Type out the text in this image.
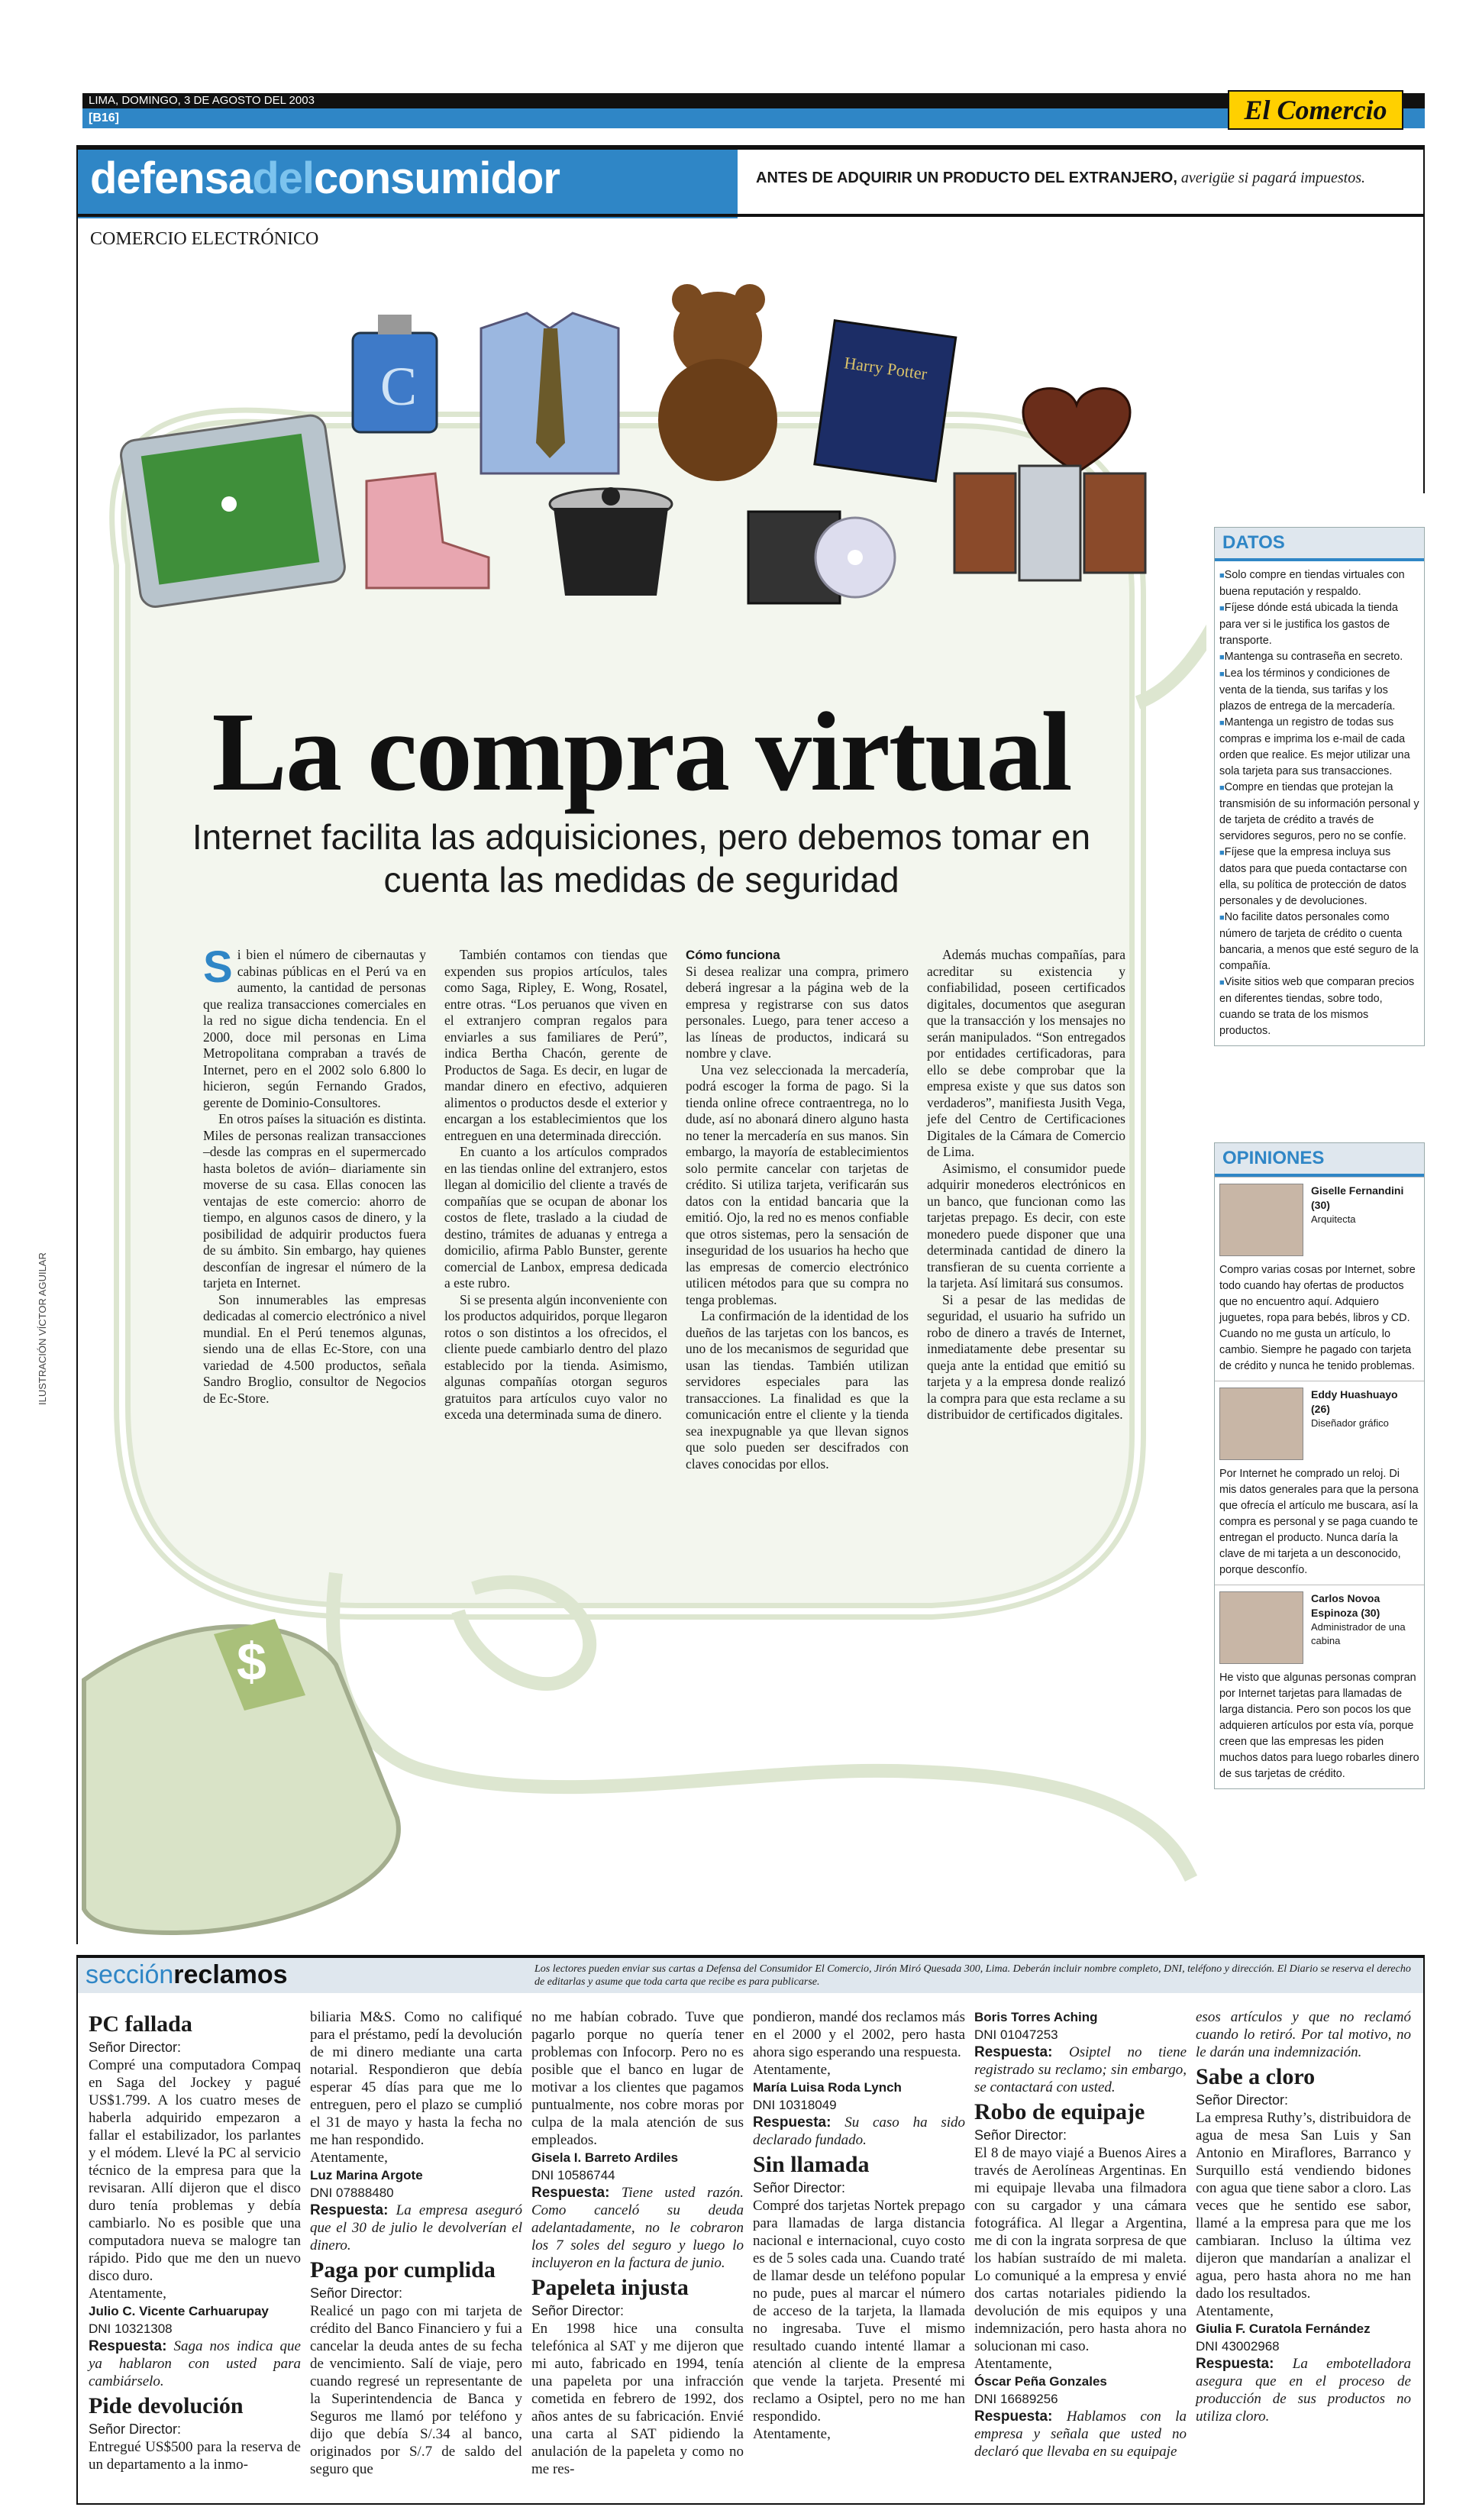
LIMA, DOMINGO, 3 DE AGOSTO DEL 2003
[B16]	El Comercio
defensadelconsumidor	ANTES DE ADQUIRIR UN PRODUCTO DEL EXTRANJERO, averigüe si pagará impuestos.
COMERCIO ELECTRÓNICO
C	Harry Potter
$
La compra virtual
Internet facilita las adquisiciones, pero debemos tomar en cuenta las medidas de seguridad
ILUSTRACIÓN VÍCTOR AGUILAR
S i bien el número de cibernautas y cabinas públicas en el Perú va en aumento, la cantidad de personas que realiza transacciones comerciales en la red no sigue dicha tendencia. En el 2000, doce mil personas en Lima Metropolitana compraban a través de Internet, pero en el 2002 solo 6.800 lo hicieron, según Fernando Grados, gerente de Dominio-Consultores.

En otros países la situación es distinta. Miles de personas realizan transacciones –desde las compras en el supermercado hasta boletos de avión– diariamente sin moverse de su casa. Ellas conocen las ventajas de este comercio: ahorro de tiempo, en algunos casos de dinero, y la posibilidad de adquirir productos fuera de su ámbito. Sin embargo, hay quienes desconfían de ingresar el número de la tarjeta en Internet.

Son innumerables las empresas dedicadas al comercio electrónico a nivel mundial. En el Perú tenemos algunas, siendo una de ellas Ec-Store, con una variedad de 4.500 productos, señala Sandro Broglio, consultor de Negocios de Ec-Store.

También contamos con tiendas que expenden sus propios artículos, tales como Saga, Ripley, E. Wong, Rosatel, entre otras. “Los peruanos que viven en el extranjero compran regalos para enviarles a sus familiares de Perú”, indica Bertha Chacón, gerente de Productos de Saga. Es decir, en lugar de mandar dinero en efectivo, adquieren alimentos o productos desde el exterior y encargan a los establecimientos que los entreguen en una determinada dirección.

En cuanto a los artículos comprados en las tiendas online del extranjero, estos llegan al domicilio del cliente a través de compañías que se ocupan de abonar los costos de flete, traslado a la ciudad de destino, trámites de aduanas y entrega a domicilio, afirma Pablo Bunster, gerente comercial de Lanbox, empresa dedicada a este rubro.

Si se presenta algún inconveniente con los productos adquiridos, porque llegaron rotos o son distintos a los ofrecidos, el cliente puede cambiarlo dentro del plazo establecido por la tienda. Asimismo, algunas compañías otorgan seguros gratuitos para artículos cuyo valor no exceda una determinada suma de dinero.

Cómo funciona

Si desea realizar una compra, primero deberá ingresar a la página web de la empresa y registrarse con sus datos personales. Luego, para tener acceso a las líneas de productos, indicará su nombre y clave.

Una vez seleccionada la mercadería, podrá escoger la forma de pago. Si la tienda online ofrece contraentrega, no lo dude, así no abonará dinero alguno hasta no tener la mercadería en sus manos. Sin embargo, la mayoría de establecimientos solo permite cancelar con tarjetas de crédito. Si utiliza tarjeta, verificarán sus datos con la entidad bancaria que la emitió. Ojo, la red no es menos confiable que otros sistemas, pero la sensación de inseguridad de los usuarios ha hecho que las empresas de comercio electrónico utilicen métodos para que su compra no tenga problemas.

La confirmación de la identidad de los dueños de las tarjetas con los bancos, es uno de los mecanismos de seguridad que usan las tiendas. También utilizan servidores especiales para las transacciones. La finalidad es que la comunicación entre el cliente y la tienda sea inexpugnable ya que llevan signos que solo pueden ser descifrados con claves conocidas por ellos.

Además muchas compañías, para acreditar su existencia y confiabilidad, poseen certificados digitales, documentos que aseguran que la transacción y los mensajes no serán manipulados. “Son entregados por entidades certificadoras, para ello se debe comprobar que la empresa existe y que sus datos son verdaderos”, manifiesta Jusith Vega, jefe del Centro de Certificaciones Digitales de la Cámara de Comercio de Lima.

Asimismo, el consumidor puede adquirir monederos electrónicos en un banco, que funcionan como las tarjetas prepago. Es decir, con este monedero puede disponer que una determinada cantidad de dinero la transfieran de su cuenta corriente a la tarjeta. Así limitará sus consumos.

Si a pesar de las medidas de seguridad, el usuario ha sufrido un robo de dinero a través de Internet, inmediatamente debe presentar su queja ante la entidad que emitió su tarjeta y a la empresa donde realizó la compra para que esta reclame a su distribuidor de certificados digitales.

DATOS
■ Solo compre en tiendas virtuales con buena reputación y respaldo.
■ Fíjese dónde está ubicada la tienda para ver si le justifica los gastos de transporte.
■ Mantenga su contraseña en secreto.
■ Lea los términos y condiciones de venta de la tienda, sus tarifas y los plazos de entrega de la mercadería.
■ Mantenga un registro de todas sus compras e imprima los e-mail de cada orden que realice. Es mejor utilizar una sola tarjeta para sus transacciones.
■ Compre en tiendas que protejan la transmisión de su información personal y de tarjeta de crédito a través de servidores seguros, pero no se confíe.
■ Fíjese que la empresa incluya sus datos para que pueda contactarse con ella, su política de protección de datos personales y de devoluciones.
■ No facilite datos personales como número de tarjeta de crédito o cuenta bancaria, a menos que esté seguro de la compañía.
■ Visite sitios web que comparan precios en diferentes tiendas, sobre todo, cuando se trata de los mismos productos.
OPINIONES
Giselle Fernandini (30)
Arquitecta
Compro varias cosas por Internet, sobre todo cuando hay ofertas de productos que no encuentro aquí. Adquiero juguetes, ropa para bebés, libros y CD. Cuando no me gusta un artículo, lo cambio. Siempre he pagado con tarjeta de crédito y nunca he tenido problemas.
Eddy Huashuayo (26)
Diseñador gráfico
Por Internet he comprado un reloj. Di mis datos generales para que la persona que ofrecía el artículo me buscara, así la compra es personal y se paga cuando te entregan el producto. Nunca daría la clave de mi tarjeta a un desconocido, porque desconfío.
Carlos Novoa Espinoza (30)
Administrador de una cabina
He visto que algunas personas compran por Internet tarjetas para llamadas de larga distancia. Pero son pocos los que adquieren artículos por esta vía, porque creen que las empresas les piden muchos datos para luego robarles dinero de sus tarjetas de crédito.
secciónreclamos	Los lectores pueden enviar sus cartas a Defensa del Consumidor El Comercio, Jirón Miró Quesada 300, Lima. Deberán incluir nombre completo, DNI, teléfono y dirección. El Diario se reserva el derecho de editarlas y asume que toda carta que recibe es para publicarse.
PC fallada
Señor Director:
Compré una computadora Compaq en Saga del Jockey y pagué US$1.799. A los cuatro meses de haberla adquirido empezaron a fallar el estabilizador, los parlantes y el módem. Llevé la PC al servicio técnico de la empresa para que la revisaran. Allí dijeron que el disco duro tenía problemas y debía cambiarlo. No es posible que una computadora nueva se malogre tan rápido. Pido que me den un nuevo disco duro.
Atentamente,
Julio C. Vicente Carhuarupay
DNI 10321308
Respuesta: Saga nos indica que ya hablaron con usted para cambiárselo.
Pide devolución
Señor Director:
Entregué US$500 para la reserva de un departamento a la inmo-
biliaria M&S. Como no califiqué para el préstamo, pedí la devolución de mi dinero mediante una carta notarial. Respondieron que debía esperar 45 días para que me lo entreguen, pero el plazo se cumplió el 31 de mayo y hasta la fecha no me han respondido.
Atentamente,
Luz Marina Argote
DNI 07888480
Respuesta: La empresa aseguró que el 30 de julio le devolverían el dinero.
Paga por cumplida
Señor Director:
Realicé un pago con mi tarjeta de crédito del Banco Financiero y fui a cancelar la deuda antes de su fecha de vencimiento. Salí de viaje, pero cuando regresé un representante de la Superintendencia de Banca y Seguros me llamó por teléfono y dijo que debía S/.34 al banco, originados por S/.7 de saldo del seguro que
no me habían cobrado. Tuve que pagarlo porque no quería tener problemas con Infocorp. Pero no es posible que el banco en lugar de motivar a los clientes que pagamos puntualmente, nos cobre moras por culpa de la mala atención de sus empleados.
Gisela I. Barreto Ardiles
DNI 10586744
Respuesta: Tiene usted razón. Como canceló su deuda adelantadamente, no le cobraron los 7 soles del seguro y luego lo incluyeron en la factura de junio.
Papeleta injusta
Señor Director:
En 1998 hice una consulta telefónica al SAT y me dijeron que mi auto, fabricado en 1994, tenía una papeleta por una infracción cometida en febrero de 1992, dos años antes de su fabricación. Envié una carta al SAT pidiendo la anulación de la papeleta y como no me res-
pondieron, mandé dos reclamos más en el 2000 y el 2002, pero hasta ahora sigo esperando una respuesta.
Atentamente,
María Luisa Roda Lynch
DNI 10318049
Respuesta: Su caso ha sido declarado fundado.
Sin llamada
Señor Director:
Compré dos tarjetas Nortek prepago para llamadas de larga distancia nacional e internacional, cuyo costo es de 5 soles cada una. Cuando traté de llamar desde un teléfono popular no pude, pues al marcar el número de acceso de la tarjeta, la llamada no ingresaba. Tuve el mismo resultado cuando intenté llamar a atención al cliente de la empresa que vende la tarjeta. Presenté mi reclamo a Osiptel, pero no me han respondido.
Atentamente,
Boris Torres Aching
DNI 01047253
Respuesta: Osiptel no tiene registrado su reclamo; sin embargo, se contactará con usted.
Robo de equipaje
Señor Director:
El 8 de mayo viajé a Buenos Aires a través de Aerolíneas Argentinas. En mi equipaje llevaba una filmadora con su cargador y una cámara fotográfica. Al llegar a Argentina, me di con la ingrata sorpresa de que los habían sustraído de mi maleta. Lo comuniqué a la empresa y envié dos cartas notariales pidiendo la devolución de mis equipos y una indemnización, pero hasta ahora no solucionan mi caso.
Atentamente,
Óscar Peña Gonzales
DNI 16689256
Respuesta: Hablamos con la empresa y señala que usted no declaró que llevaba en su equipaje
esos artículos y que no reclamó cuando lo retiró. Por tal motivo, no le darán una indemnización.
Sabe a cloro
Señor Director:
La empresa Ruthy’s, distribuidora de agua de mesa San Luis y San Antonio en Miraflores, Barranco y Surquillo está vendiendo bidones con agua que tiene sabor a cloro. Las veces que he sentido ese sabor, llamé a la empresa para que me los cambiaran. Incluso la última vez dijeron que mandarían a analizar el agua, pero hasta ahora no me han dado los resultados.
Atentamente,
Giulia F. Curatola Fernández
DNI 43002968
Respuesta: La embotelladora asegura que en el proceso de producción de sus productos no utiliza cloro.
